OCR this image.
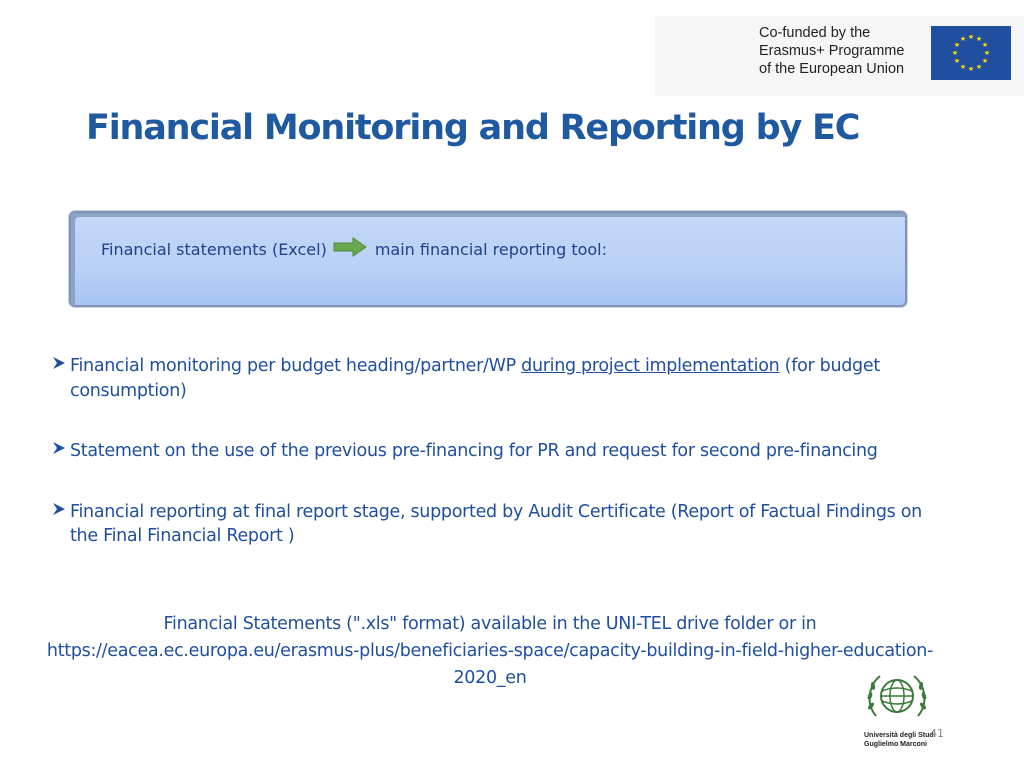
Co-funded by the
Erasmus+ Programme
of the European Union
★ ★
★
★
★
★
★
★
★
★
★
★
Financial Monitoring and Reporting by EC
Financial statements (Excel)	main financial reporting tool:
Financial monitoring per budget heading/partner/WP during project implementation (for budget consumption)
Statement on the use of the previous pre-financing for PR and request for second pre-financing
Financial reporting at final report stage, supported by Audit Certificate (Report of Factual Findings on the Final Financial Report )
Financial Statements (".xls" format) available in the UNI-TEL drive folder or in
https://eacea.ec.europa.eu/erasmus-plus/beneficiaries-space/capacity-building-in-field-higher-education-2020_en
Università degli Studi
Guglielmo Marconi
41
